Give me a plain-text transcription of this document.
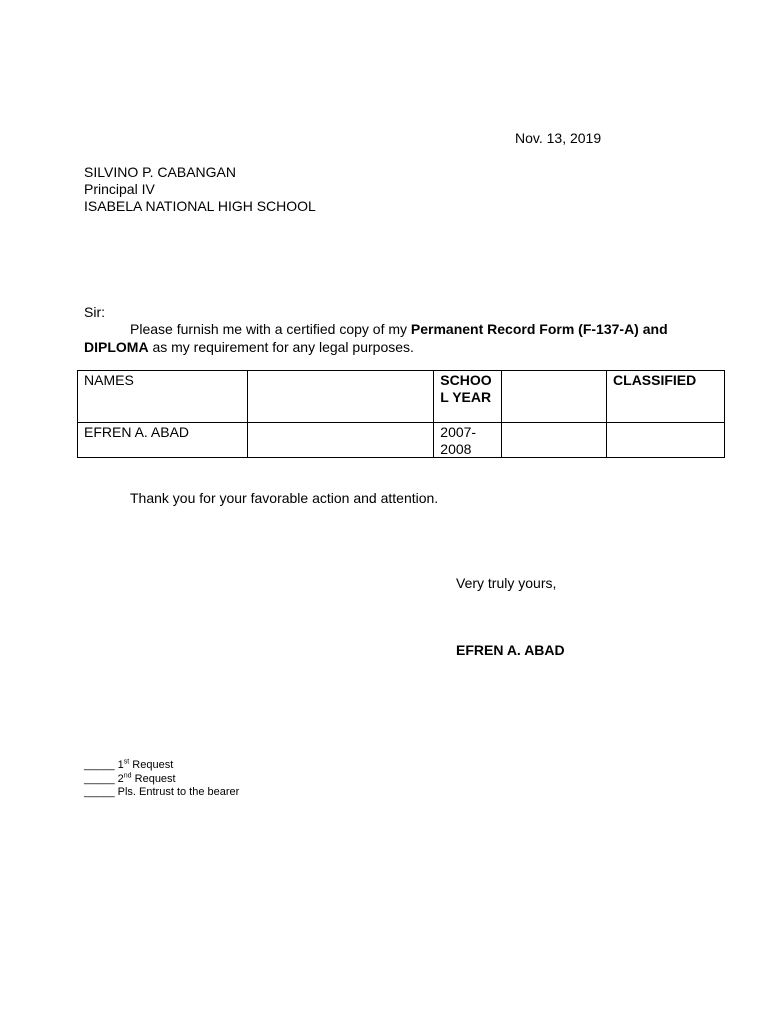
Nov. 13, 2019
SILVINO P. CABANGAN
Principal IV
ISABELA NATIONAL HIGH SCHOOL
Sir:
Please furnish me with a certified copy of my Permanent Record Form (F-137-A) and DIPLOMA as my requirement for any legal purposes.
NAMES		SCHOOL YEAR		CLASSIFIED
EFREN A. ABAD		2007-2008		

Thank you for your favorable action and attention.
Very truly yours,
EFREN A. ABAD
_____ 1st Request
_____ 2nd Request
_____ Pls. Entrust to the bearer
